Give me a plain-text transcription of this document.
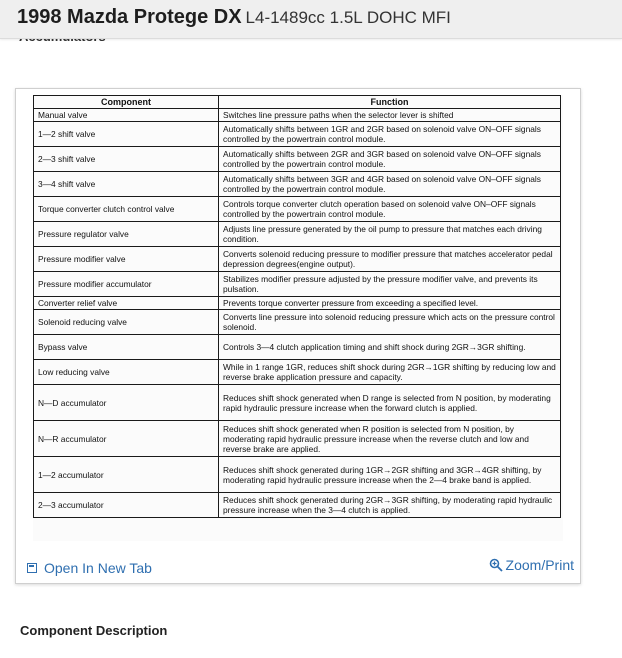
1998 Mazda Protege DX L4-1489cc 1.5L DOHC MFI
Component	Function
Manual valve	Switches line pressure paths when the selector lever is shifted
1—2 shift valve	Automatically shifts between 1GR and 2GR based on solenoid valve ON–OFF signals controlled by the powertrain control module.
2—3 shift valve	Automatically shifts between 2GR and 3GR based on solenoid valve ON–OFF signals controlled by the powertrain control module.
3—4 shift valve	Automatically shifts between 3GR and 4GR based on solenoid valve ON–OFF signals controlled by the powertrain control module.
Torque converter clutch control valve	Controls torque converter clutch operation based on solenoid valve ON–OFF signals controlled by the powertrain control module.
Pressure regulator valve	Adjusts line pressure generated by the oil pump to pressure that matches each driving condition.
Pressure modifier valve	Converts solenoid reducing pressure to modifier pressure that matches accelerator pedal depression degrees(engine output).
Pressure modifier accumulator	Stabilizes modifier pressure adjusted by the pressure modifier valve, and prevents its pulsation.
Converter relief valve	Prevents torque converter pressure from exceeding a specified level.
Solenoid reducing valve	Converts line pressure into solenoid reducing pressure which acts on the pressure control solenoid.
Bypass valve	Controls 3—4 clutch application timing and shift shock during 2GR→3GR shifting.
Low reducing valve	While in 1 range 1GR, reduces shift shock during 2GR→1GR shifting by reducing low and reverse brake application pressure and capacity.
N—D accumulator	Reduces shift shock generated when D range is selected from N position, by moderating rapid hydraulic pressure increase when the forward clutch is applied.
N—R accumulator	Reduces shift shock generated when R position is selected from N position, by moderating rapid hydraulic pressure increase when the reverse clutch and low and reverse brake are applied.
1—2 accumulator	Reduces shift shock generated during 1GR→2GR shifting and 3GR→4GR shifting, by moderating rapid hydraulic pressure increase when the 2—4 brake band is applied.
2—3 accumulator	Reduces shift shock generated during 2GR→3GR shifting, by moderating rapid hydraulic pressure increase when the 3—4 clutch is applied.
Open In New Tab	Zoom/Print
Component Description
